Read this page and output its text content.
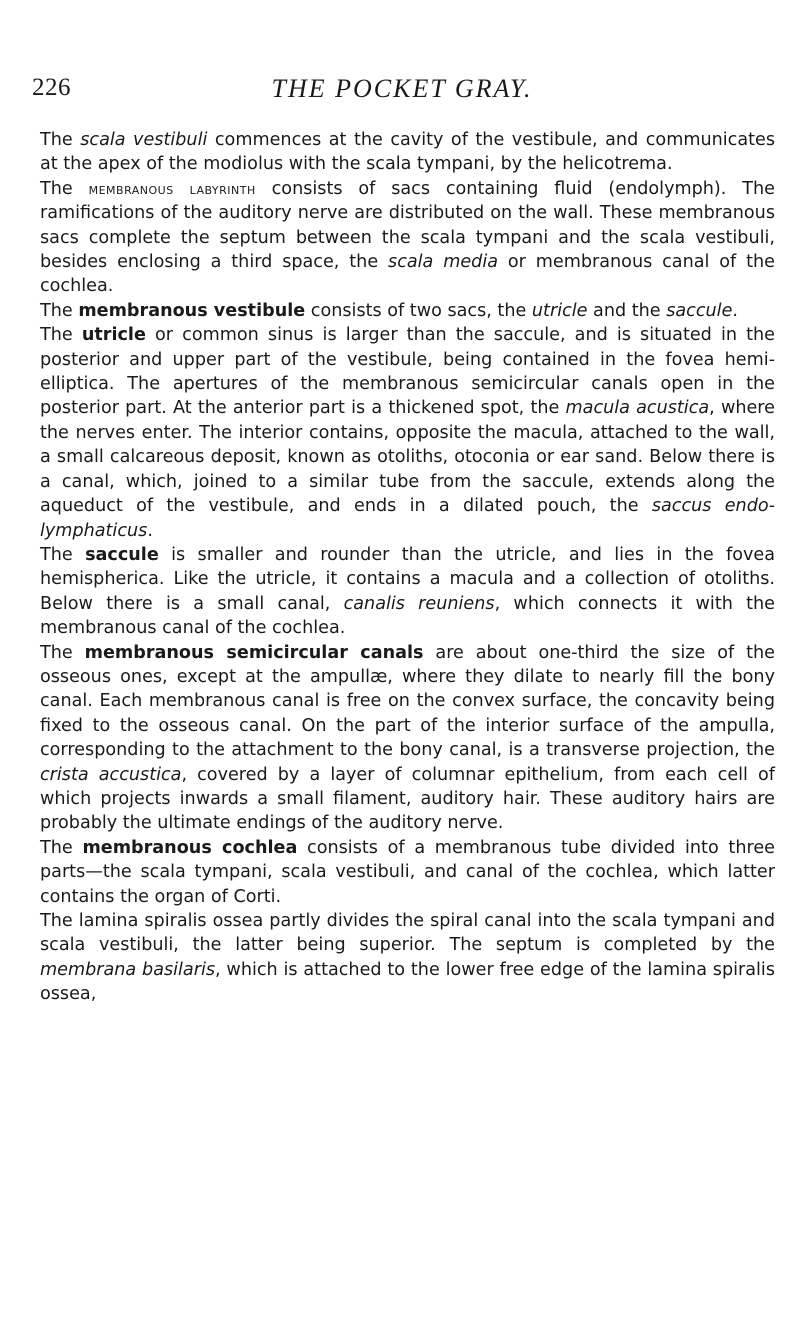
226	THE POCKET GRAY.

The scala vestibuli commences at the cavity of the vestibule, and communicates at the apex of the modiolus with the scala tympani, by the helicotrema.

The membranous labyrinth consists of sacs containing fluid (endolymph). The ramifications of the auditory nerve are distributed on the wall. These membranous sacs complete the septum between the scala tympani and the scala vestibuli, besides enclosing a third space, the scala media or membranous canal of the cochlea.

The membranous vestibule consists of two sacs, the utricle and the saccule.

The utricle or common sinus is larger than the saccule, and is situated in the posterior and upper part of the vestibule, being contained in the fovea hemi-elliptica. The apertures of the membranous semicircular canals open in the posterior part. At the anterior part is a thickened spot, the macula acustica, where the nerves enter. The interior contains, opposite the macula, attached to the wall, a small calcareous deposit, known as otoliths, otoconia or ear sand. Below there is a canal, which, joined to a similar tube from the saccule, extends along the aqueduct of the vestibule, and ends in a dilated pouch, the saccus endo-lymphaticus.

The saccule is smaller and rounder than the utricle, and lies in the fovea hemispherica. Like the utricle, it contains a macula and a collection of otoliths. Below there is a small canal, canalis reuniens, which connects it with the membranous canal of the cochlea.

The membranous semicircular canals are about one-third the size of the osseous ones, except at the ampullæ, where they dilate to nearly fill the bony canal. Each membranous canal is free on the convex surface, the concavity being fixed to the osseous canal. On the part of the interior surface of the ampulla, corresponding to the attachment to the bony canal, is a transverse projection, the crista accustica, covered by a layer of columnar epithelium, from each cell of which projects inwards a small filament, auditory hair. These auditory hairs are probably the ultimate endings of the auditory nerve.

The membranous cochlea consists of a membranous tube divided into three parts—the scala tympani, scala vestibuli, and canal of the cochlea, which latter contains the organ of Corti.

The lamina spiralis ossea partly divides the spiral canal into the scala tympani and scala vestibuli, the latter being superior. The septum is completed by the membrana basilaris, which is attached to the lower free edge of the lamina spiralis ossea,
